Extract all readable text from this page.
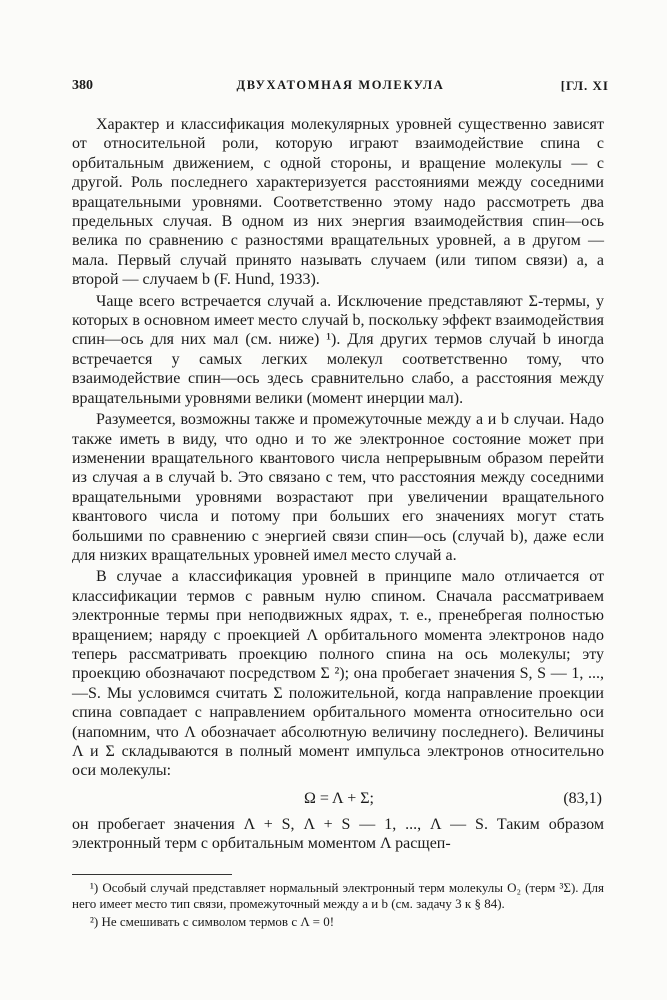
380	ДВУХАТОМНАЯ МОЛЕКУЛА	[ГЛ. XI

Характер и классификация молекулярных уровней существенно зависят от относительной роли, которую играют взаимодействие спина с орбитальным движением, с одной стороны, и вращение молекулы — с другой. Роль последнего характеризуется расстояниями между соседними вращательными уровнями. Соответственно этому надо рассмотреть два предельных случая. В одном из них энергия взаимодействия спин—ось велика по сравнению с разностями вращательных уровней, а в другом — мала. Первый случай принято называть случаем (или типом связи) a, а второй — случаем b (F. Hund, 1933).

Чаще всего встречается случай a. Исключение представляют Σ-термы, у которых в основном имеет место случай b, поскольку эффект взаимодействия спин—ось для них мал (см. ниже) ¹). Для других термов случай b иногда встречается у самых легких молекул соответственно тому, что взаимодействие спин—ось здесь сравнительно слабо, а расстояния между вращательными уровнями велики (момент инерции мал).

Разумеется, возможны также и промежуточные между a и b случаи. Надо также иметь в виду, что одно и то же электронное состояние может при изменении вращательного квантового числа непрерывным образом перейти из случая a в случай b. Это связано с тем, что расстояния между соседними вращательными уровнями возрастают при увеличении вращательного квантового числа и потому при больших его значениях могут стать большими по сравнению с энергией связи спин—ось (случай b), даже если для низких вращательных уровней имел место случай a.

В случае a классификация уровней в принципе мало отличается от классификации термов с равным нулю спином. Сначала рассматриваем электронные термы при неподвижных ядрах, т. е., пренебрегая полностью вращением; наряду с проекцией Λ орбитального момента электронов надо теперь рассматривать проекцию полного спина на ось молекулы; эту проекцию обозначают посредством Σ ²); она пробегает значения S, S — 1, ..., —S. Мы условимся считать Σ положительной, когда направление проекции спина совпадает с направлением орбитального момента относительно оси (напомним, что Λ обозначает абсолютную величину последнего). Величины Λ и Σ складываются в полный момент импульса электронов относительно оси молекулы:

Ω = Λ + Σ;	(83,1)

он пробегает значения Λ + S, Λ + S — 1, ..., Λ — S. Таким образом электронный терм с орбитальным моментом Λ расщеп-

¹) Особый случай представляет нормальный электронный терм молекулы O₂ (терм ³Σ). Для него имеет место тип связи, промежуточный между a и b (см. задачу 3 к § 84).

²) Не смешивать с символом термов с Λ = 0!
